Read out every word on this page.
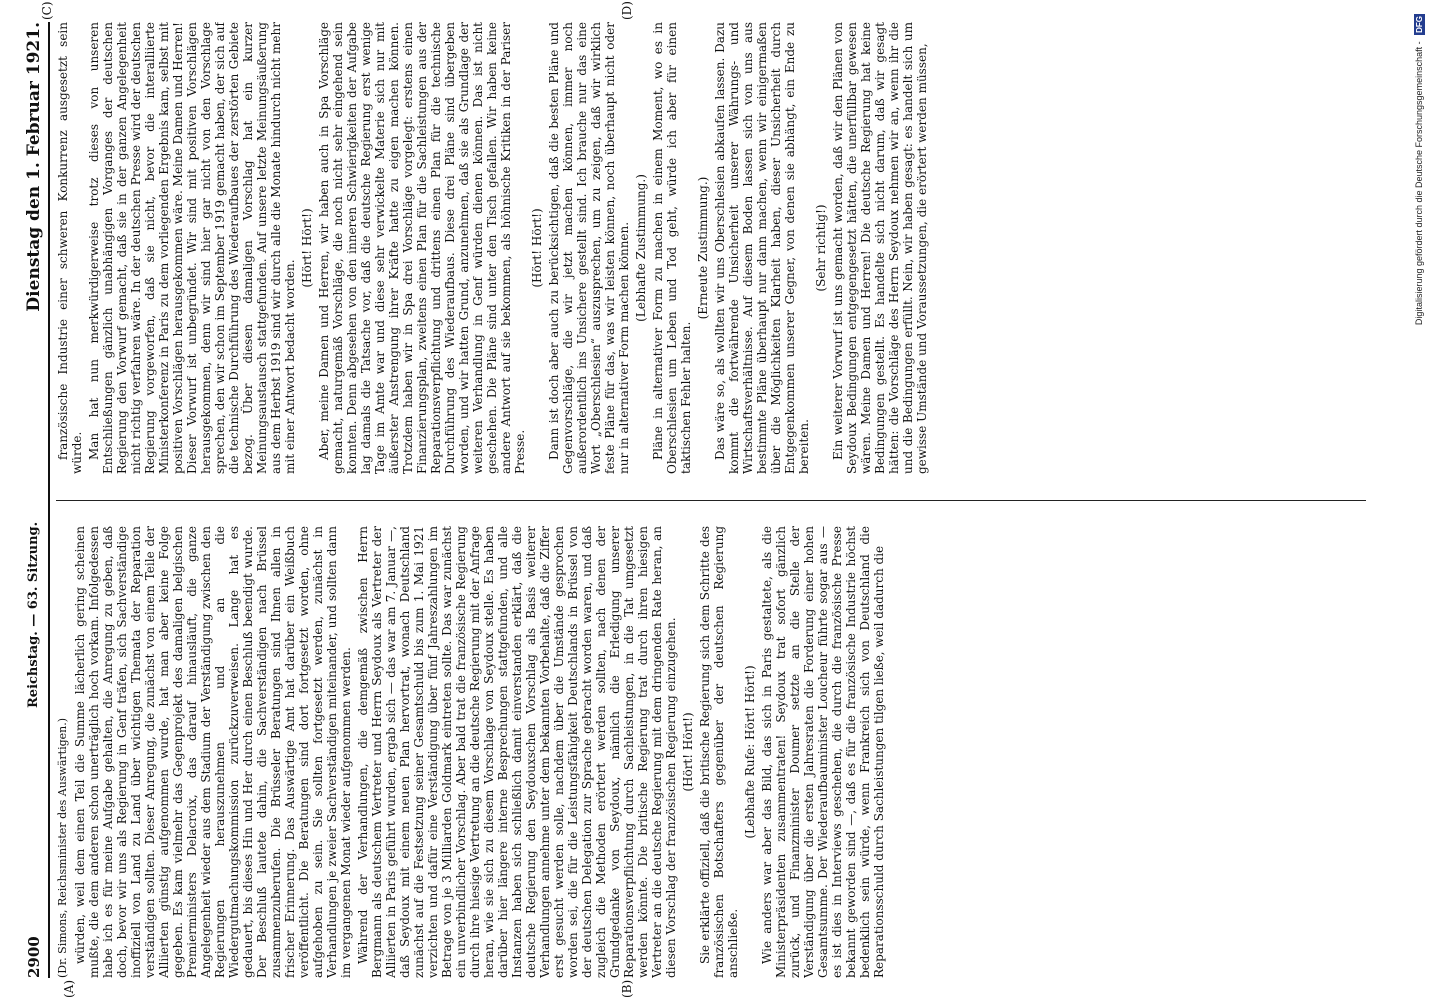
2900
Reichstag. — 63. Sitzung.
Dienstag den 1. Februar 1921.
(A)	(B)
(C)	(D)

(Dr. Simons, Reichsminister des Auswärtigen.) würden, weil dem einen Teil die Summe lächerlich gering scheinen mußte, die dem anderen schon unerträglich hoch vorkam. Infolgedessen habe ich es für meine Aufgabe gehalten, die Anregung zu geben, daß doch, bevor wir uns als Regierung in Genf träfen, sich Sachverständige inoffiziell von Land zu Land über wichtigen Themata der Reparation verständigen sollten. Dieser Anregung, die zunächst von einem Teile der Alliierten günstig aufgenommen wurde, hat man aber keine Folge gegeben. Es kam vielmehr das Gegenprojekt des damaligen belgischen Premierministers Delacroix, das darauf hinausläuft, die ganze Angelegenheit wieder aus dem Stadium der Verständigung zwischen den Regierungen herauszunehmen und an die Wiedergutmachungskommission zurückzuverweisen. Lange hat es gedauert, bis dieses Hin und Her durch einen Beschluß beendigt wurde. Der Beschluß lautete dahin, die Sachverständigen nach Brüssel zusammenzuberufen. Die Brüsseler Beratungen sind Ihnen allen in frischer Erinnerung. Das Auswärtige Amt hat darüber ein Weißbuch veröffentlicht. Die Beratungen sind dort fortgesetzt worden, ohne aufgehoben zu sein. Sie sollten fortgesetzt werden, zunächst in Verhandlungen je zweier Sachverständigen miteinander, und sollten dann im vergangenen Monat wieder aufgenommen werden. Während der Verhandlungen, die demgemäß zwischen Herrn Bergmann als deutschem Vertreter und Herrn Seydoux als Vertreter der Alliierten in Paris geführt wurden, ergab sich — das war am 7. Januar —, daß Seydoux mit einem neuen Plan hervortrat, wonach Deutschland zunächst auf die Festsetzung seiner Gesamtschuld bis zum 1. Mai 1921 verzichten und dafür eine Verständigung über fünf Jahreszahlungen im Betrage von je 3 Milliarden Goldmark eintreten sollte. Das war zunächst ein unverbindlicher Vorschlag. Aber bald trat die französische Regierung durch ihre hiesige Vertretung an die deutsche Regierung mit der Anfrage heran, wie sie sich zu diesem Vorschlage von Seydoux stelle. Es haben darüber hier längere interne Besprechungen stattgefunden, und alle Instanzen haben sich schließlich damit einverstanden erklärt, daß die deutsche Regierung den Seydouxschen Vorschlag als Basis weiterer Verhandlungen annehme unter dem bekannten Vorbehalte, daß die Ziffer erst gesucht werden solle, nachdem über die Umstände gesprochen worden sei, die für die Leistungsfähigkeit Deutschlands in Brüssel von der deutschen Delegation zur Sprache gebracht worden waren, und daß zugleich die Methoden erörtert werden sollten, nach denen der Grundgedanke von Seydoux, nämlich die Erledigung unserer Reparationsverpflichtung durch Sachleistungen, in die Tat umgesetzt werden könnte. Die britische Regierung trat durch ihren hiesigen Vertreter an die deutsche Regierung mit dem dringenden Rate heran, an diesen Vorschlag der französischen Regierung einzugehen. (Hört! Hört!) Sie erklärte offiziell, daß die britische Regierung sich dem Schritte des französischen Botschafters gegenüber der deutschen Regierung anschließe.

(Lebhafte Rufe: Hört! Hört!) Wie anders war aber das Bild, das sich in Paris gestaltete, als die Ministerpräsidenten zusammentraten! Seydoux trat sofort gänzlich zurück, und Finanzminister Doumer setzte an die Stelle der Verständigung über die ersten Jahresraten die Forderung einer hohen Gesamtsumme. Der Wiederaufbauminister Loucheur führte sogar aus — es ist dies in Interviews geschehen, die durch die französische Presse bekannt geworden sind —, daß es für die französische Industrie höchst bedenklich sein würde, wenn Frankreich sich von Deutschland die Reparationsschuld durch Sachleistungen tilgen ließe, weil dadurch die

französische Industrie einer schweren Konkurrenz ausgesetzt sein würde. Man hat nun merkwürdigerweise trotz dieses von unseren Entschließungen gänzlich unabhängigen Vorganges der deutschen Regierung den Vorwurf gemacht, daß sie in der ganzen Angelegenheit nicht richtig verfahren wäre. In der deutschen Presse wird der deutschen Regierung vorgeworfen, daß sie nicht, bevor die interalliierte Ministerkonferenz in Paris zu dem vorliegenden Ergebnis kam, selbst mit positiven Vorschlägen herausgekommen wäre. Meine Damen und Herren! Dieser Vorwurf ist unbegründet. Wir sind mit positiven Vorschlägen herausgekommen, denn wir sind hier gar nicht von den Vorschlage sprechen, den wir schon im September 1919 gemacht haben, der sich auf die technische Durchführung des Wiederaufbaues der zerstörten Gebiete bezog. Über diesen damaligen Vorschlag hat ein kurzer Meinungsaustausch stattgefunden. Auf unsere letzte Meinungsäußerung aus dem Herbst 1919 sind wir durch alle die Monate hindurch nicht mehr mit einer Antwort bedacht worden.

(Hört! Hört!) Aber, meine Damen und Herren, wir haben auch in Spa Vorschläge gemacht, naturgemäß Vorschläge, die noch nicht sehr eingehend sein konnten. Denn abgesehen von den inneren Schwierigkeiten der Aufgabe lag damals die Tatsache vor, daß die deutsche Regierung erst wenige Tage im Amte war und diese sehr verwickelte Materie sich nur mit äußerster Anstrengung ihrer Kräfte hatte zu eigen machen können. Trotzdem haben wir in Spa drei Vorschläge vorgelegt: erstens einen Finanzierungsplan, zweitens einen Plan für die Sachleistungen aus der Reparationsverpflichtung und drittens einen Plan für die technische Durchführung des Wiederaufbaus. Diese drei Pläne sind übergeben worden, und wir hatten Grund, anzunehmen, daß sie als Grundlage der weiteren Verhandlung in Genf würden dienen können. Das ist nicht geschehen. Die Pläne sind unter den Tisch gefallen. Wir haben keine andere Antwort auf sie bekommen, als höhnische Kritiken in der Pariser Presse.

(Hört! Hört!) Dann ist doch aber auch zu berücksichtigen, daß die besten Pläne und Gegenvorschläge, die wir jetzt machen können, immer noch außerordentlich ins Unsichere gestellt sind. Ich brauche nur das eine Wort „Oberschlesien“ auszusprechen, um zu zeigen, daß wir wirklich feste Pläne für das, was wir leisten können, noch überhaupt nicht oder nur in alternativer Form machen können. (Lebhafte Zustimmung.) Pläne in alternativer Form zu machen in einem Moment, wo es in Oberschlesien um Leben und Tod geht, würde ich aber für einen taktischen Fehler halten.

(Erneute Zustimmung.) Das wäre so, als wollten wir uns Oberschlesien abkaufen lassen. Dazu kommt die fortwährende Unsicherheit unserer Währungs- und Wirtschaftsverhältnisse. Auf diesem Boden lassen sich von uns aus bestimmte Pläne überhaupt nur dann machen, wenn wir einigermaßen über die Möglichkeiten Klarheit haben, dieser Unsicherheit durch Entgegenkommen unserer Gegner, von denen sie abhängt, ein Ende zu bereiten.

(Sehr richtig!) Ein weiterer Vorwurf ist uns gemacht worden, daß wir den Plänen von Seydoux Bedingungen entgegengesetzt hätten, die unerfüllbar gewesen wären. Meine Damen und Herren! Die deutsche Regierung hat keine Bedingungen gestellt. Es handelte sich nicht darum, daß wir gesagt hätten: die Vorschläge des Herrn Seydoux nehmen wir an, wenn ihr die und die Bedingungen erfüllt. Nein, wir haben gesagt: es handelt sich um gewisse Umstände und Voraussetzungen, die erörtert werden müssen,	Digitalisierung gefördert durch die Deutsche Forschungsgemeinschaft - DFG
